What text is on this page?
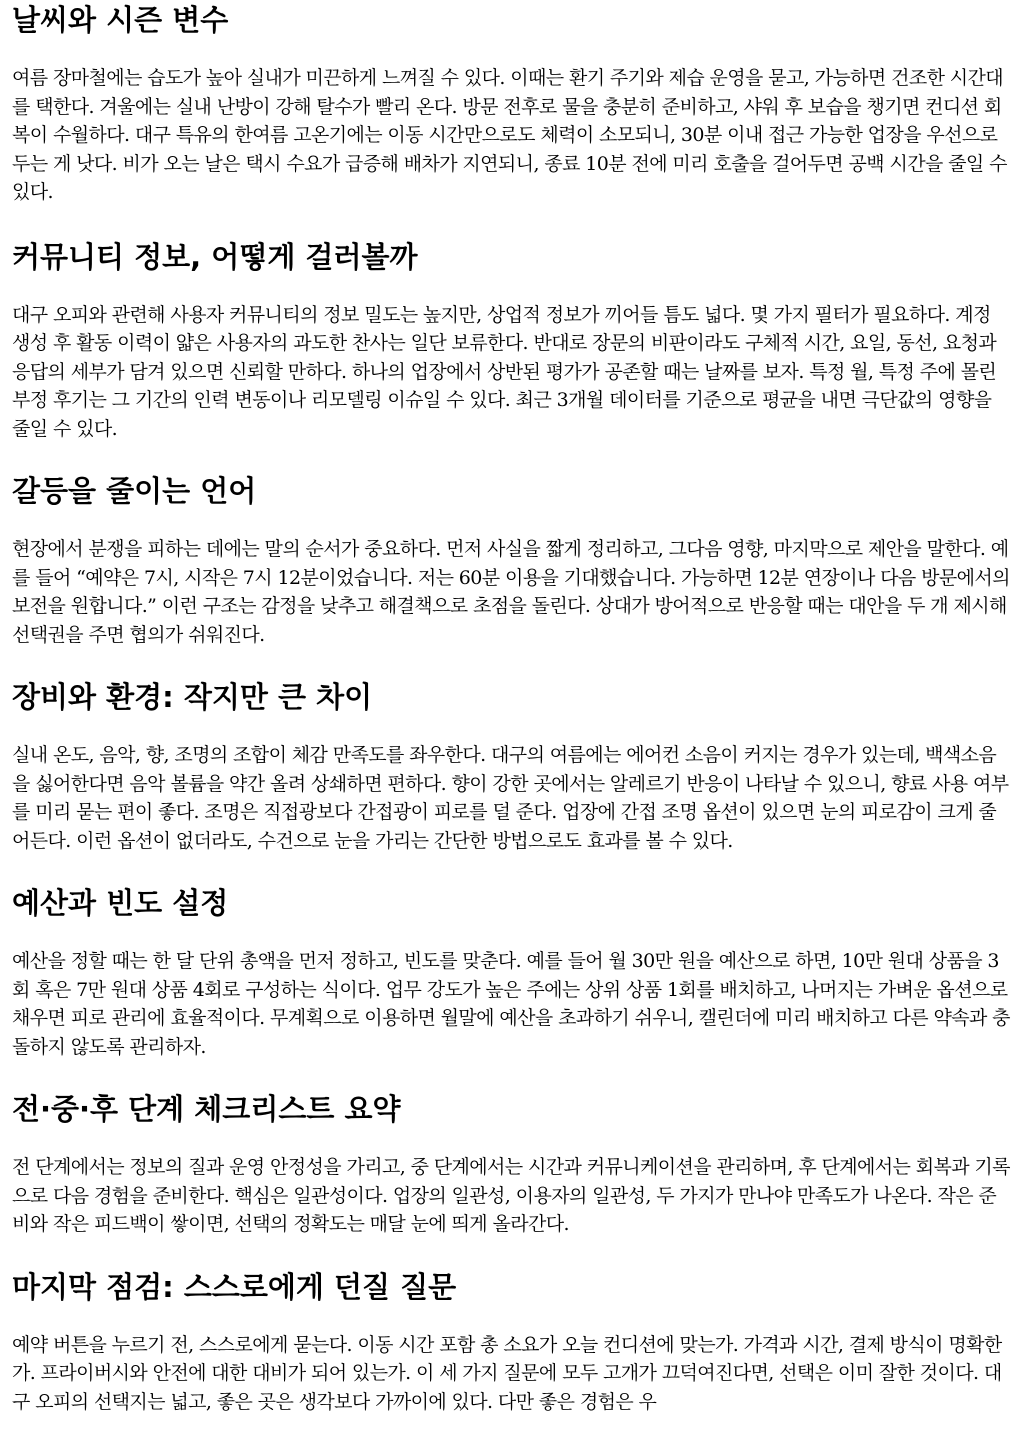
날씨와 시즌 변수

여름 장마철에는 습도가 높아 실내가 미끈하게 느껴질 수 있다. 이때는 환기 주기와 제습 운영을 묻고, 가능하면 건조한 시간대를 택한다. 겨울에는 실내 난방이 강해 탈수가 빨리 온다. 방문 전후로 물을 충분히 준비하고, 샤워 후 보습을 챙기면 컨디션 회복이 수월하다. 대구 특유의 한여름 고온기에는 이동 시간만으로도 체력이 소모되니, 30분 이내 접근 가능한 업장을 우선으로 두는 게 낫다. 비가 오는 날은 택시 수요가 급증해 배차가 지연되니, 종료 10분 전에 미리 호출을 걸어두면 공백 시간을 줄일 수 있다.

커뮤니티 정보, 어떻게 걸러볼까

대구 오피와 관련해 사용자 커뮤니티의 정보 밀도는 높지만, 상업적 정보가 끼어들 틈도 넓다. 몇 가지 필터가 필요하다. 계정 생성 후 활동 이력이 얇은 사용자의 과도한 찬사는 일단 보류한다. 반대로 장문의 비판이라도 구체적 시간, 요일, 동선, 요청과 응답의 세부가 담겨 있으면 신뢰할 만하다. 하나의 업장에서 상반된 평가가 공존할 때는 날짜를 보자. 특정 월, 특정 주에 몰린 부정 후기는 그 기간의 인력 변동이나 리모델링 이슈일 수 있다. 최근 3개월 데이터를 기준으로 평균을 내면 극단값의 영향을 줄일 수 있다.

갈등을 줄이는 언어

현장에서 분쟁을 피하는 데에는 말의 순서가 중요하다. 먼저 사실을 짧게 정리하고, 그다음 영향, 마지막으로 제안을 말한다. 예를 들어 “예약은 7시, 시작은 7시 12분이었습니다. 저는 60분 이용을 기대했습니다. 가능하면 12분 연장이나 다음 방문에서의 보전을 원합니다.” 이런 구조는 감정을 낮추고 해결책으로 초점을 돌린다. 상대가 방어적으로 반응할 때는 대안을 두 개 제시해 선택권을 주면 협의가 쉬워진다.

장비와 환경: 작지만 큰 차이

실내 온도, 음악, 향, 조명의 조합이 체감 만족도를 좌우한다. 대구의 여름에는 에어컨 소음이 커지는 경우가 있는데, 백색소음을 싫어한다면 음악 볼륨을 약간 올려 상쇄하면 편하다. 향이 강한 곳에서는 알레르기 반응이 나타날 수 있으니, 향료 사용 여부를 미리 묻는 편이 좋다. 조명은 직접광보다 간접광이 피로를 덜 준다. 업장에 간접 조명 옵션이 있으면 눈의 피로감이 크게 줄어든다. 이런 옵션이 없더라도, 수건으로 눈을 가리는 간단한 방법으로도 효과를 볼 수 있다.

예산과 빈도 설정

예산을 정할 때는 한 달 단위 총액을 먼저 정하고, 빈도를 맞춘다. 예를 들어 월 30만 원을 예산으로 하면, 10만 원대 상품을 3회 혹은 7만 원대 상품 4회로 구성하는 식이다. 업무 강도가 높은 주에는 상위 상품 1회를 배치하고, 나머지는 가벼운 옵션으로 채우면 피로 관리에 효율적이다. 무계획으로 이용하면 월말에 예산을 초과하기 쉬우니, 캘린더에 미리 배치하고 다른 약속과 충돌하지 않도록 관리하자.

전·중·후 단계 체크리스트 요약

전 단계에서는 정보의 질과 운영 안정성을 가리고, 중 단계에서는 시간과 커뮤니케이션을 관리하며, 후 단계에서는 회복과 기록으로 다음 경험을 준비한다. 핵심은 일관성이다. 업장의 일관성, 이용자의 일관성, 두 가지가 만나야 만족도가 나온다. 작은 준비와 작은 피드백이 쌓이면, 선택의 정확도는 매달 눈에 띄게 올라간다.

마지막 점검: 스스로에게 던질 질문

예약 버튼을 누르기 전, 스스로에게 묻는다. 이동 시간 포함 총 소요가 오늘 컨디션에 맞는가. 가격과 시간, 결제 방식이 명확한가. 프라이버시와 안전에 대한 대비가 되어 있는가. 이 세 가지 질문에 모두 고개가 끄덕여진다면, 선택은 이미 잘한 것이다. 대구 오피의 선택지는 넓고, 좋은 곳은 생각보다 가까이에 있다. 다만 좋은 경험은 우
